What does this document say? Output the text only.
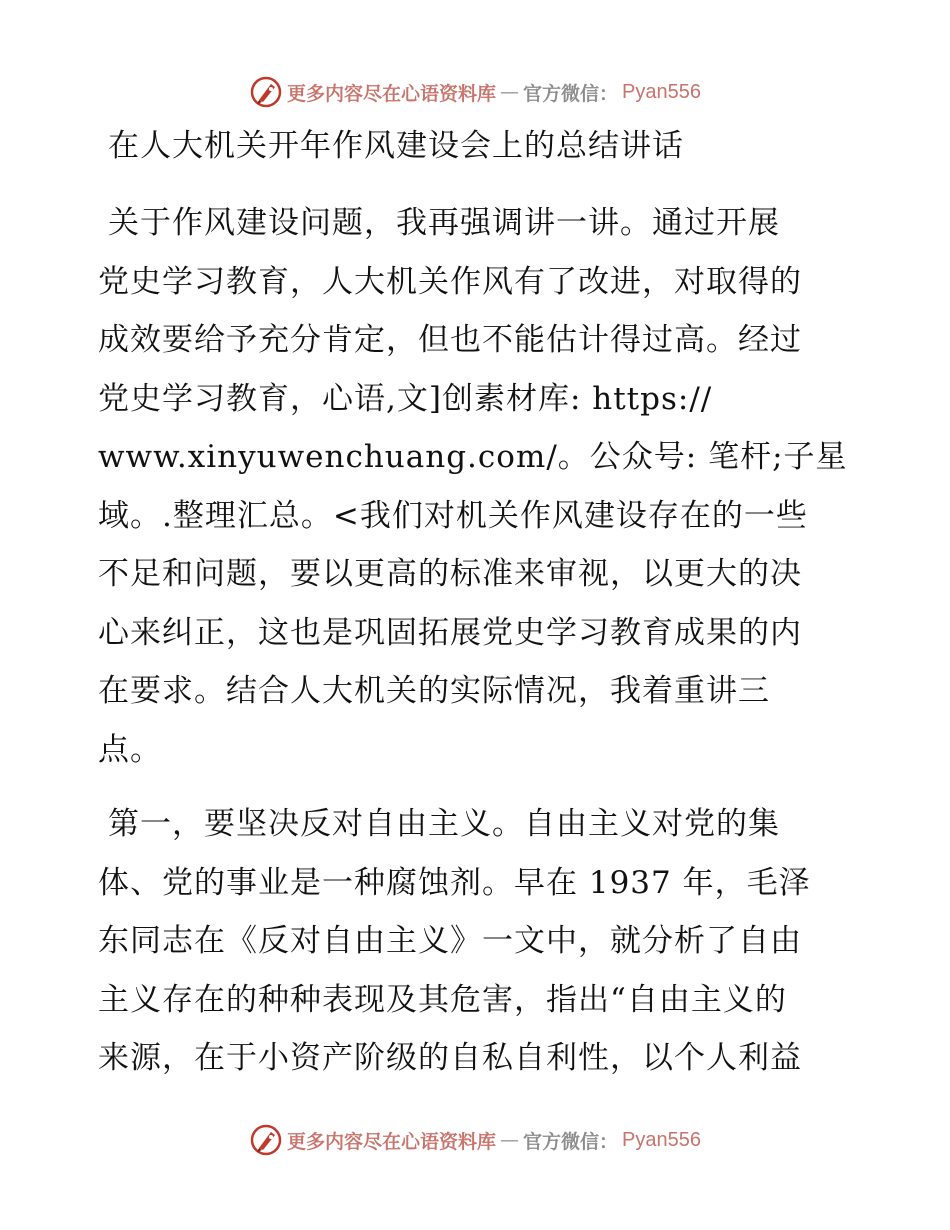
更多内容尽在心语资料库 — 官方微信： Pyan556
在人大机关开年作风建设会上的总结讲话
关于作风建设问题，我再强调讲一讲。通过开展
党史学习教育，人大机关作风有了改进，对取得的
成效要给予充分肯定，但也不能估计得过高。经过
党史学习教育，心语,文]创素材库: https://
www.xinyuwenchuang.com/。公众号: 笔杆;子星
域。.整理汇总。<我们对机关作风建设存在的一些
不足和问题，要以更高的标准来审视，以更大的决
心来纠正，这也是巩固拓展党史学习教育成果的内
在要求。结合人大机关的实际情况，我着重讲三
点。
第一，要坚决反对自由主义。自由主义对党的集
体、党的事业是一种腐蚀剂。早在 1937 年，毛泽
东同志在《反对自由主义》一文中，就分析了自由
主义存在的种种表现及其危害，指出“自由主义的
来源，在于小资产阶级的自私自利性，以个人利益
更多内容尽在心语资料库 — 官方微信： Pyan556
